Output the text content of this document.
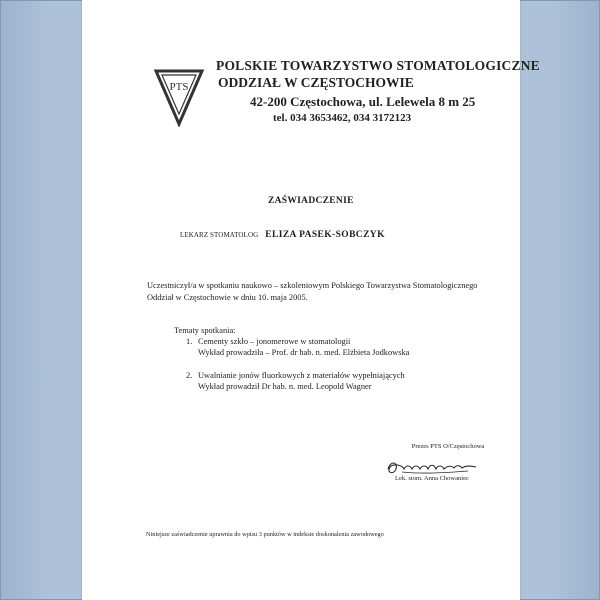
PTS
POLSKIE TOWARZYSTWO STOMATOLOGICZNE
ODDZIAŁ W CZĘSTOCHOWIE
42-200 Częstochowa, ul. Lelewela 8 m 25
tel. 034 3653462, 034 3172123
ZAŚWIADCZENIE
LEKARZ STOMATOLOG ELIZA PASEK-SOBCZYK
Uczestniczył/a w spotkaniu naukowo – szkoleniowym Polskiego Towarzystwa Stomatologicznego Oddział w Częstochowie w dniu 10. maja 2005.
Tematy spotkania:
1. Cementy szkło – jonomerowe w stomatologii
Wykład prowadziła – Prof. dr hab. n. med. Elżbieta Jodkowska
2. Uwalnianie jonów fluorkowych z materiałów wypełniających
Wykład prowadził Dr hab. n. med. Leopold Wagner
Prezes PTS O/Częstochowa
Lek. stom. Anna Chowaniec
Niniejsze zaświadczenie uprawnia do wpisu 3 punktów w indeksie doskonalenia zawodowego
